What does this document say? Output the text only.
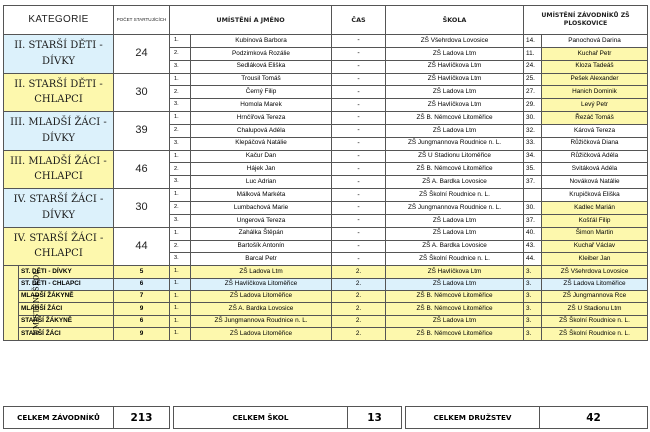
KATEGORIE		POČET STARTUJÍCÍCH	UMÍSTĚNÍ A JMÉNO		ČAS	ŠKOLA	UMÍSTĚNÍ ZÁVODNÍKŮ ZŠ PLOSKOVICE	
II. STARŠÍ DĚTI - DÍVKY		24	1.	Kubínová Barbora	-	ZŠ Všehrdova Lovosice	14.	Panochová Darina
			2.	Podzimková Rozálie	-	ZŠ Ladova Ltm	11.	Kuchař Petr
			3.	Sedláková Eliška	-	ZŠ Havlíčkova Ltm	24.	Kloza Tadeáš
II. STARŠÍ DĚTI - CHLAPCI		30	1.	Trousil Tomáš	-	ZŠ Havlíčkova Ltm	25.	Pešek Alexander
			2.	Černý Filip	-	ZŠ Ladova Ltm	27.	Hanich Dominik
			3.	Homola Marek	-	ZŠ Havlíčkova Ltm	29.	Levý Petr
III. MLADŠÍ ŽÁCI - DÍVKY		39	1.	Hrnčířová Tereza	-	ZŠ B. Němcové Litoměřice	30.	Řezáč Tomáš
			2.	Chalupová Adéla	-	ZŠ Ladova Ltm	32.	Kárová Tereza
			3.	Klepáčová Natálie	-	ZŠ Jungmannova Roudnice n. L.	33.	Růžičková Diana
III. MLADŠÍ ŽÁCI - CHLAPCI		46	1.	Kačur Dan	-	ZŠ U Stadionu Litoměřice	34.	Růžičková Adéla
			2.	Hájek Jan	-	ZŠ B. Němcové Litoměřice	35.	Svitáková Adéla
			3.	Luc Adrian	-	ZŠ A. Bardka Lovosice	37.	Nováková Natálie
IV. STARŠÍ ŽÁCI - DÍVKY		30	1.	Málková Markéta	-	ZŠ Školní Roudnice n. L.		Krupičková Eliška
			2.	Lumbachová Marie	-	ZŠ Jungmannova Roudnice n. L.	30.	Kadlec Marián
			3.	Ungerová Tereza	-	ZŠ Ladova Ltm	37.	Košťál Filip
IV. STARŠÍ ŽÁCI - CHLAPCI		44	1.	Zahálka Štěpán	-	ZŠ Ladova Ltm	40.	Šimon Martin
			2.	Bartošík Antonín	-	ZŠ A. Bardka Lovosice	43.	Kuchař Václav
			3.	Barcal Petr	-	ZŠ Školní Roudnice n. L.	44.	Kleiber Jan
UMÍSTĚNÍ ŠKOL	ST. DĚTI - DÍVKY	5	1.	ZŠ Ladova Ltm	2.	ZŠ Havlíčkova Ltm	3.	ZŠ Všehrdova Lovosice
	ST. DĚTI - CHLAPCI	6	1.	ZŠ Havlíčkova Litoměřice	2.	ZŠ Ladova Ltm	3.	ZŠ Ladova Litoměřice
	MLADŠÍ ŽÁKYNĚ	7	1.	ZŠ Ladova Litoměřice	2.	ZŠ B. Němcové Litoměřice	3.	ZŠ Jungmannova Rce
	MLADŠÍ ŽÁCI	9	1.	ZŠ A. Bardka Lovosice	2.	ZŠ B. Němcové Litoměřice	3.	ZŠ U Stadionu Ltm
	STARŠÍ ŽÁKYNĚ	6	1.	ZŠ Jungmannova Roudnice n. L.	2.	ZŠ Ladova Ltm	3.	ZŠ Školní Roudnice n. L.
	STARŠÍ ŽÁCI	9	1.	ZŠ Ladova Litoměřice	2.	ZŠ B. Němcové Litoměřice	3.	ZŠ Školní Roudnice n. L.
CELKEM ZÁVODNÍKŮ	213		CELKEM ŠKOL	13		CELKEM DRUŽSTEV	42
